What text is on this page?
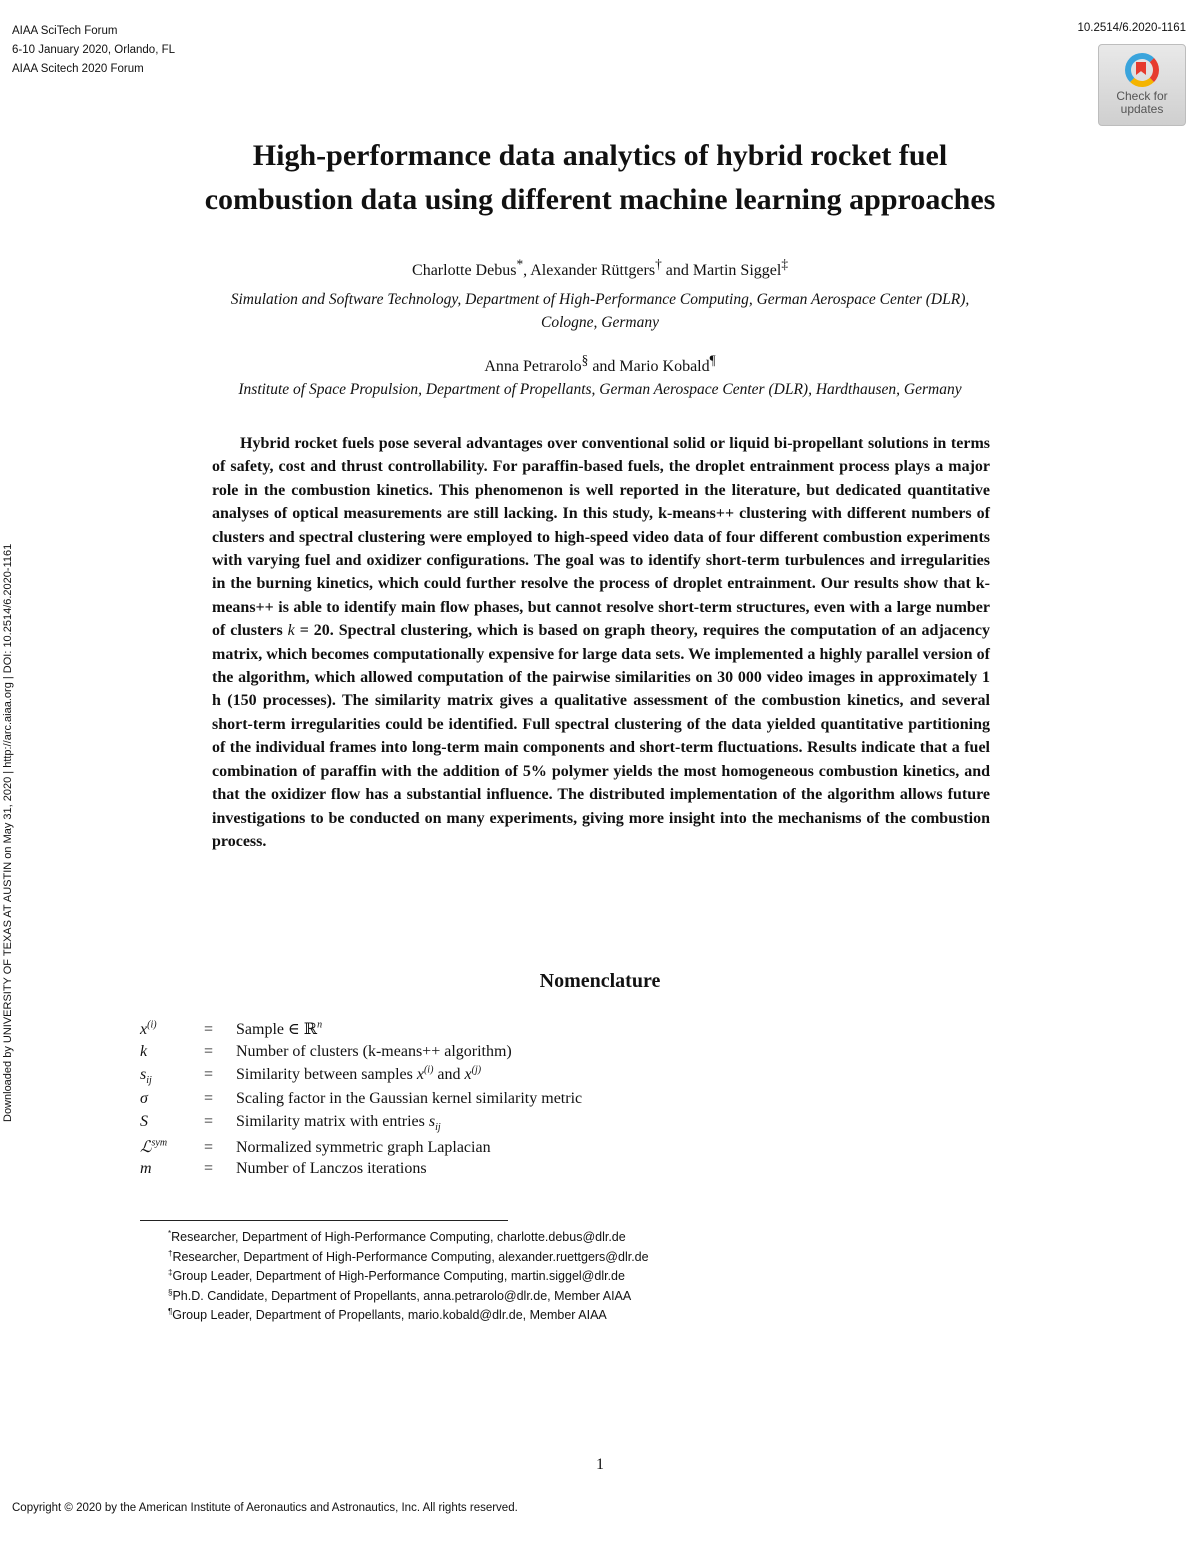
AIAA SciTech Forum
6-10 January 2020, Orlando, FL
AIAA Scitech 2020 Forum
10.2514/6.2020-1161
Check for
updates
Downloaded by UNIVERSITY OF TEXAS AT AUSTIN on May 31, 2020 | http://arc.aiaa.org | DOI: 10.2514/6.2020-1161
High-performance data analytics of hybrid rocket fuel
combustion data using different machine learning approaches
Charlotte Debus*, Alexander Rüttgers† and Martin Siggel‡
Simulation and Software Technology, Department of High-Performance Computing, German Aerospace Center (DLR),
Cologne, Germany
Anna Petrarolo§ and Mario Kobald¶
Institute of Space Propulsion, Department of Propellants, German Aerospace Center (DLR), Hardthausen, Germany
Hybrid rocket fuels pose several advantages over conventional solid or liquid bi-propellant solutions in terms of safety, cost and thrust controllability. For paraffin-based fuels, the droplet entrainment process plays a major role in the combustion kinetics. This phenomenon is well reported in the literature, but dedicated quantitative analyses of optical measurements are still lacking. In this study, k-means++ clustering with different numbers of clusters and spectral clustering were employed to high-speed video data of four different combustion experiments with varying fuel and oxidizer configurations. The goal was to identify short-term turbulences and irregularities in the burning kinetics, which could further resolve the process of droplet entrainment. Our results show that k-means++ is able to identify main flow phases, but cannot resolve short-term structures, even with a large number of clusters k = 20. Spectral clustering, which is based on graph theory, requires the computation of an adjacency matrix, which becomes computationally expensive for large data sets. We implemented a highly parallel version of the algorithm, which allowed computation of the pairwise similarities on 30 000 video images in approximately 1 h (150 processes). The similarity matrix gives a qualitative assessment of the combustion kinetics, and several short-term irregularities could be identified. Full spectral clustering of the data yielded quantitative partitioning of the individual frames into long-term main components and short-term fluctuations. Results indicate that a fuel combination of paraffin with the addition of 5% polymer yields the most homogeneous combustion kinetics, and that the oxidizer flow has a substantial influence. The distributed implementation of the algorithm allows future investigations to be conducted on many experiments, giving more insight into the mechanisms of the combustion process.
Nomenclature
$x^{(i)}$	=	Sample ∈ ℝ$^n$
k	=	Number of clusters (k-means++ algorithm)
$s_{ij}$	=	Similarity between samples $x^{(i)}$ and $x^{(j)}$
σ	=	Scaling factor in the Gaussian kernel similarity metric
S	=	Similarity matrix with entries $s_{ij}$
ℒ$^{sym}$	=	Normalized symmetric graph Laplacian
m	=	Number of Lanczos iterations
*Researcher, Department of High-Performance Computing, charlotte.debus@dlr.de
†Researcher, Department of High-Performance Computing, alexander.ruettgers@dlr.de
‡Group Leader, Department of High-Performance Computing, martin.siggel@dlr.de
§Ph.D. Candidate, Department of Propellants, anna.petrarolo@dlr.de, Member AIAA
¶Group Leader, Department of Propellants, mario.kobald@dlr.de, Member AIAA
1
Copyright © 2020 by the American Institute of Aeronautics and Astronautics, Inc. All rights reserved.
